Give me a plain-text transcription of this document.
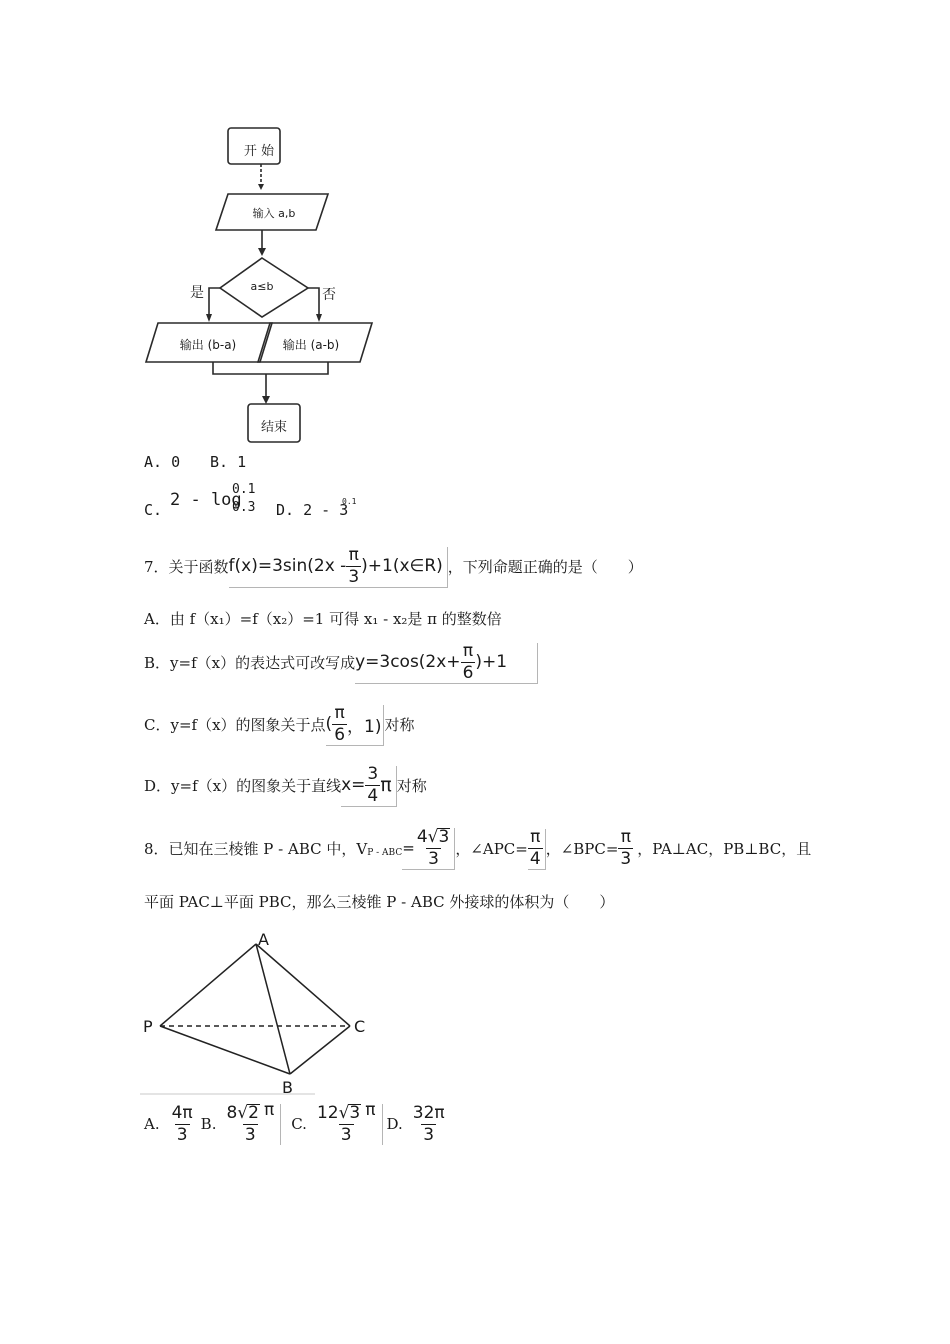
开 始
输入 a,b
a≤b
是	否
输出 (b-a)	输出 (a-b)
结束
A. 0 B. 1
C. 2 - log
0.1
0.3 D. 2 - 3
0.1
7．关于函数 $f(x)=3\sin(2x - \frac{\pi}{3}$ )+1(x∈R) ，下列命题正确的是（　　）
A．由 f（x₁）=f（x₂）=1 可得 x₁ - x₂是 π 的整数倍
B．y=f（x）的表达式可改写成 $y=3\cos(2x+ \frac{\pi}{6} )+1$
C．y=f（x）的图象关于点 ( $\frac{\pi}{6}$ ，1) 对称
D．y=f（x）的图象关于直线 $x= \frac{3}{4}$ π 对称
8．已知在三棱锥 P - ABC 中，$V_{P - ABC} = \frac{4√3}{3}$ ，∠APC= $\frac{\pi}{4}$ ，∠BPC= $\frac{\pi}{3}$ ，PA⊥AC，PB⊥BC，且
平面 PAC⊥平面 PBC，那么三棱锥 P - ABC 外接球的体积为（　　）
A
P	C
B
A. $\frac{4\pi}{3} B$. $\frac{8√2 \pi}{3} C$. $\frac{12√3 \pi}{3} D$. $\frac{32\pi}{3}$
